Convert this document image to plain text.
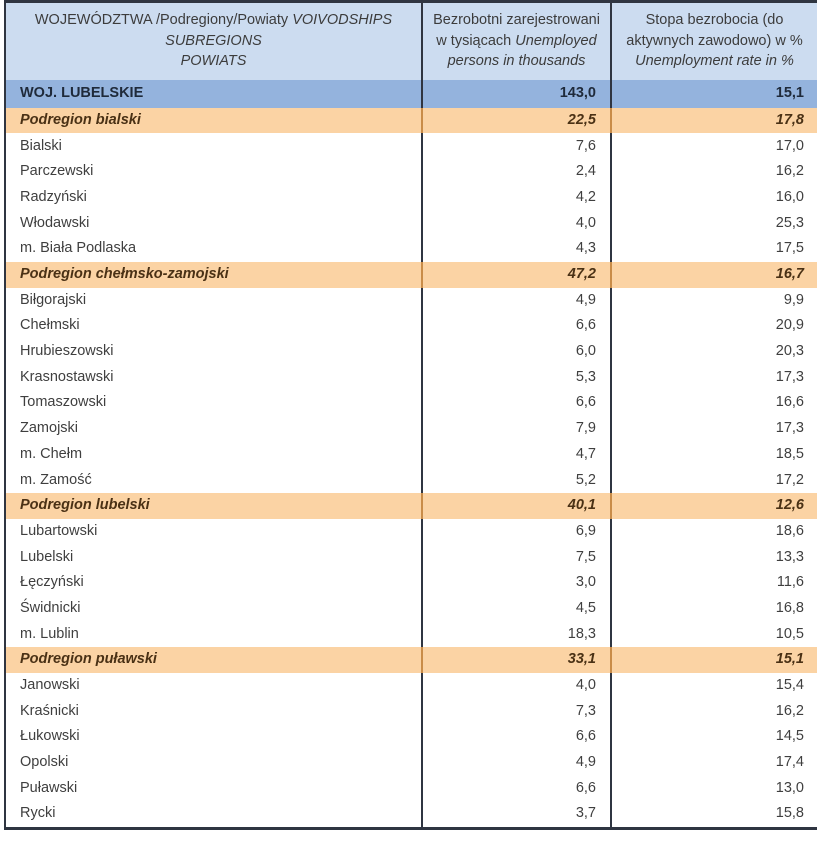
WOJEWÓDZTWA /Podregiony/Powiaty VOIVODSHIPS
SUBREGIONS
POWIATS	Bezrobotni zarejestrowani w tysiącach Unemployed persons in thousands	Stopa bezrobocia (do aktywnych zawodowo) w % Unemployment rate in %
WOJ. LUBELSKIE	143,0	15,1
Podregion bialski	22,5	17,8
Bialski	7,6	17,0
Parczewski	2,4	16,2
Radzyński	4,2	16,0
Włodawski	4,0	25,3
m. Biała Podlaska	4,3	17,5
Podregion chełmsko-zamojski	47,2	16,7
Biłgorajski	4,9	9,9
Chełmski	6,6	20,9
Hrubieszowski	6,0	20,3
Krasnostawski	5,3	17,3
Tomaszowski	6,6	16,6
Zamojski	7,9	17,3
m. Chełm	4,7	18,5
m. Zamość	5,2	17,2
Podregion lubelski	40,1	12,6
Lubartowski	6,9	18,6
Lubelski	7,5	13,3
Łęczyński	3,0	11,6
Świdnicki	4,5	16,8
m. Lublin	18,3	10,5
Podregion puławski	33,1	15,1
Janowski	4,0	15,4
Kraśnicki	7,3	16,2
Łukowski	6,6	14,5
Opolski	4,9	17,4
Puławski	6,6	13,0
Rycki	3,7	15,8
